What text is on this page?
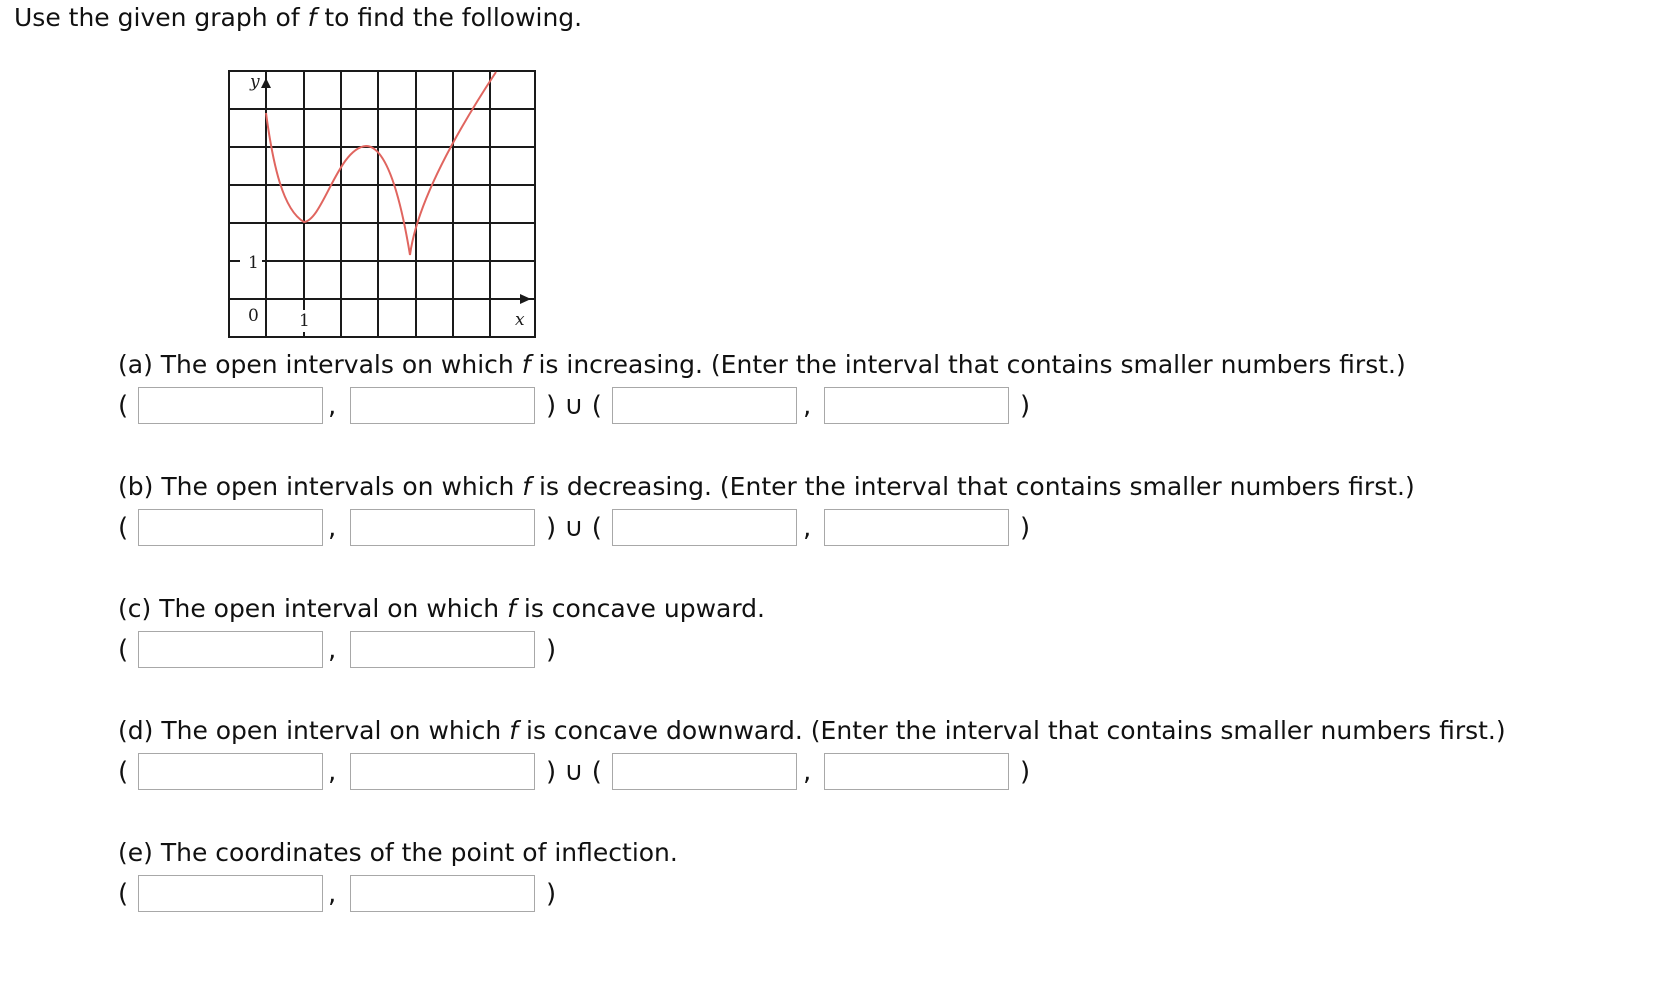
Use the given graph of f to find the following.
y
1
0 1	x
(a) The open intervals on which f is increasing. (Enter the interval that contains smaller numbers first.)
(	,	) ∪ (	,	)
(b) The open intervals on which f is decreasing. (Enter the interval that contains smaller numbers first.)
(	,	) ∪ (	,	)
(c) The open interval on which f is concave upward.
(	,	)
(d) The open interval on which f is concave downward. (Enter the interval that contains smaller numbers first.)
(	,	) ∪ (	,	)
(e) The coordinates of the point of inflection.
(	,	)
